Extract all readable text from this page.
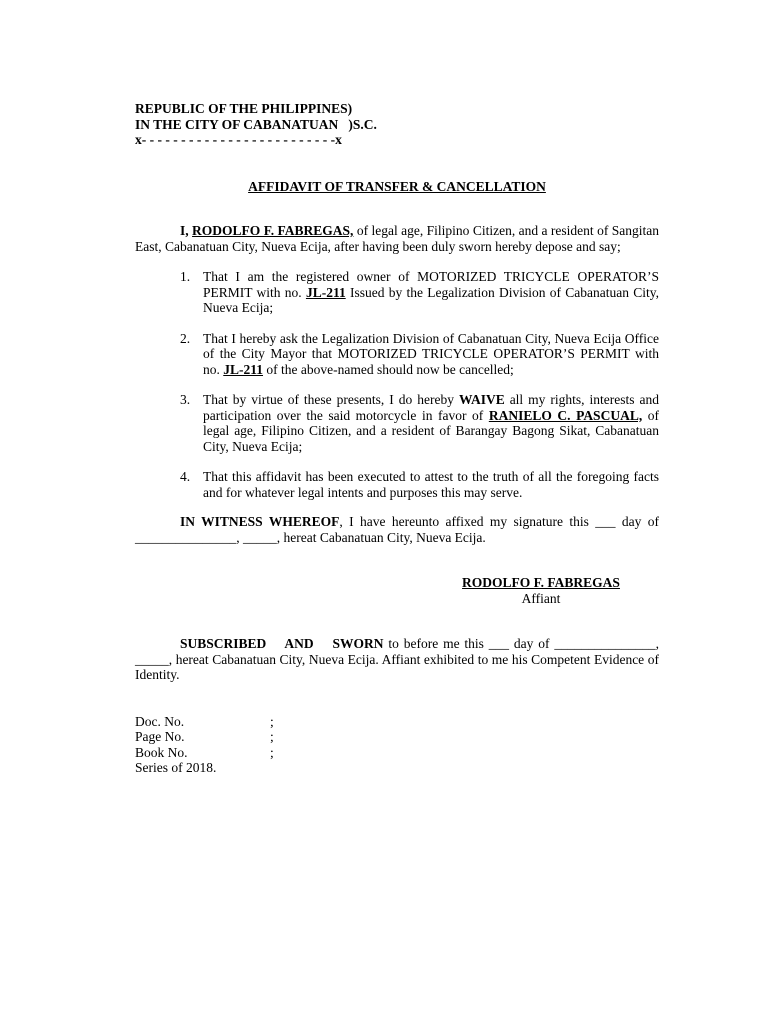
REPUBLIC OF THE PHILIPPINES)
IN THE CITY OF CABANATUAN   )S.C.
x- - - - - - - - - - - - - - - - - - - - - - - - -x
AFFIDAVIT OF TRANSFER & CANCELLATION
I, RODOLFO F. FABREGAS, of legal age, Filipino Citizen, and a resident of Sangitan East, Cabanatuan City, Nueva Ecija, after having been duly sworn hereby depose and say;
1. That I am the registered owner of MOTORIZED TRICYCLE OPERATOR’S PERMIT with no. JL-211 Issued by the Legalization Division of Cabanatuan City, Nueva Ecija;
2. That I hereby ask the Legalization Division of Cabanatuan City, Nueva Ecija Office of the City Mayor that MOTORIZED TRICYCLE OPERATOR’S PERMIT with no. JL-211 of the above-named should now be cancelled;
3. That by virtue of these presents, I do hereby WAIVE all my rights, interests and participation over the said motorcycle in favor of RANIELO C. PASCUAL, of legal age, Filipino Citizen, and a resident of Barangay Bagong Sikat, Cabanatuan City, Nueva Ecija;
4. That this affidavit has been executed to attest to the truth of all the foregoing facts and for whatever legal intents and purposes this may serve.
IN WITNESS WHEREOF, I have hereunto affixed my signature this ___ day of _______________, _____, hereat Cabanatuan City, Nueva Ecija.
RODOLFO F. FABREGAS
Affiant
SUBSCRIBED AND SWORN to before me this ___ day of _______________, _____, hereat Cabanatuan City, Nueva Ecija. Affiant exhibited to me his Competent Evidence of Identity.
Doc. No.	;
Page No.	;
Book No.	;
Series of 2018.
